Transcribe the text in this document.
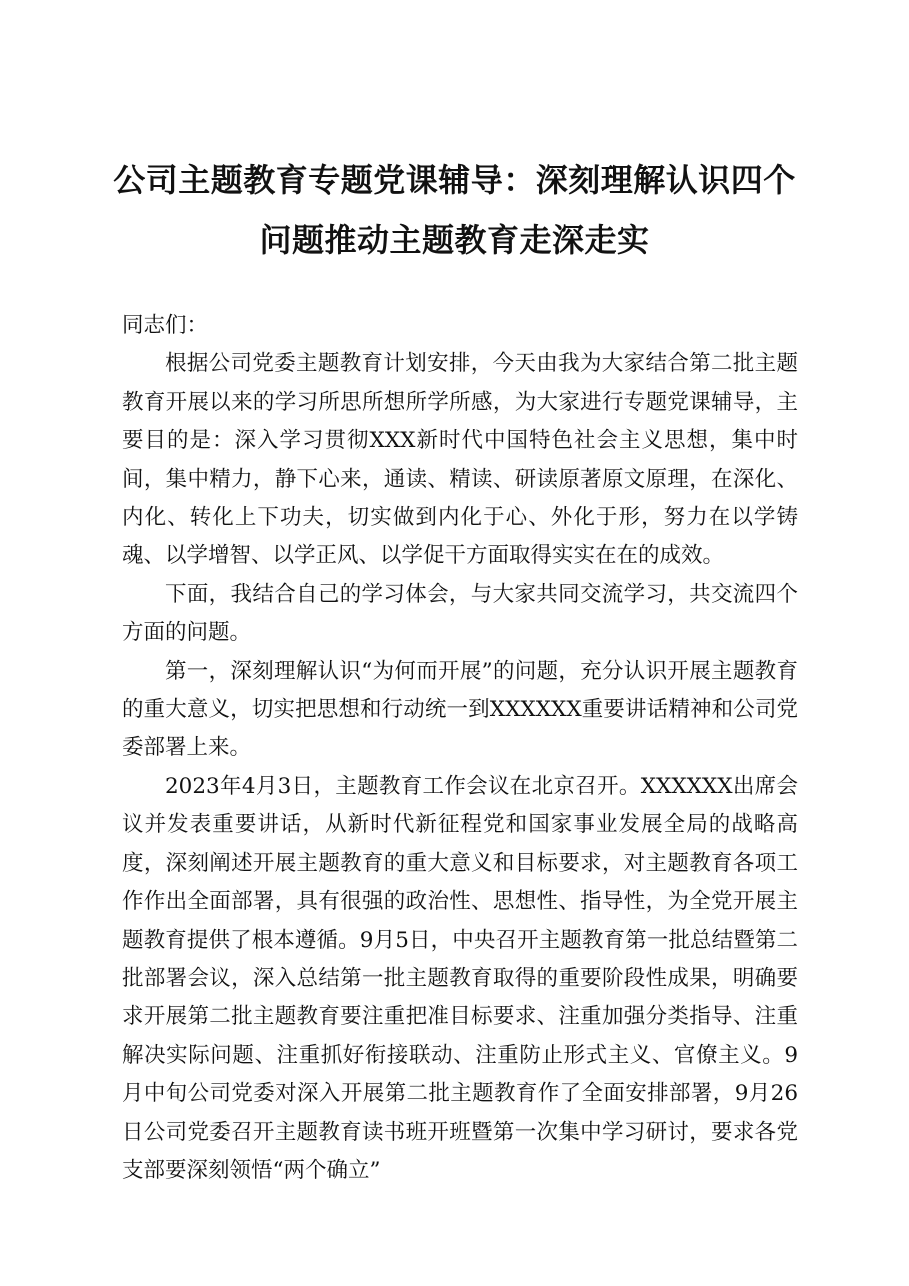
公司主题教育专题党课辅导：深刻理解认识四个问题推动主题教育走深走实

同志们：

根据公司党委主题教育计划安排，今天由我为大家结合第二批主题教育开展以来的学习所思所想所学所感，为大家进行专题党课辅导，主要目的是：深入学习贯彻XXX新时代中国特色社会主义思想，集中时间，集中精力，静下心来，通读、精读、研读原著原文原理，在深化、内化、转化上下功夫，切实做到内化于心、外化于形，努力在以学铸魂、以学增智、以学正风、以学促干方面取得实实在在的成效。

下面，我结合自己的学习体会，与大家共同交流学习，共交流四个方面的问题。

第一，深刻理解认识“为何而开展”的问题，充分认识开展主题教育的重大意义，切实把思想和行动统一到XXXXXX重要讲话精神和公司党委部署上来。

2023年4月3日，主题教育工作会议在北京召开。XXXXXX出席会议并发表重要讲话，从新时代新征程党和国家事业发展全局的战略高度，深刻阐述开展主题教育的重大意义和目标要求，对主题教育各项工作作出全面部署，具有很强的政治性、思想性、指导性，为全党开展主题教育提供了根本遵循。9月5日，中央召开主题教育第一批总结暨第二批部署会议，深入总结第一批主题教育取得的重要阶段性成果，明确要求开展第二批主题教育要注重把准目标要求、注重加强分类指导、注重解决实际问题、注重抓好衔接联动、注重防止形式主义、官僚主义。9月中旬公司党委对深入开展第二批主题教育作了全面安排部署，9月26日公司党委召开主题教育读书班开班暨第一次集中学习研讨，要求各党支部要深刻领悟“两个确立”
